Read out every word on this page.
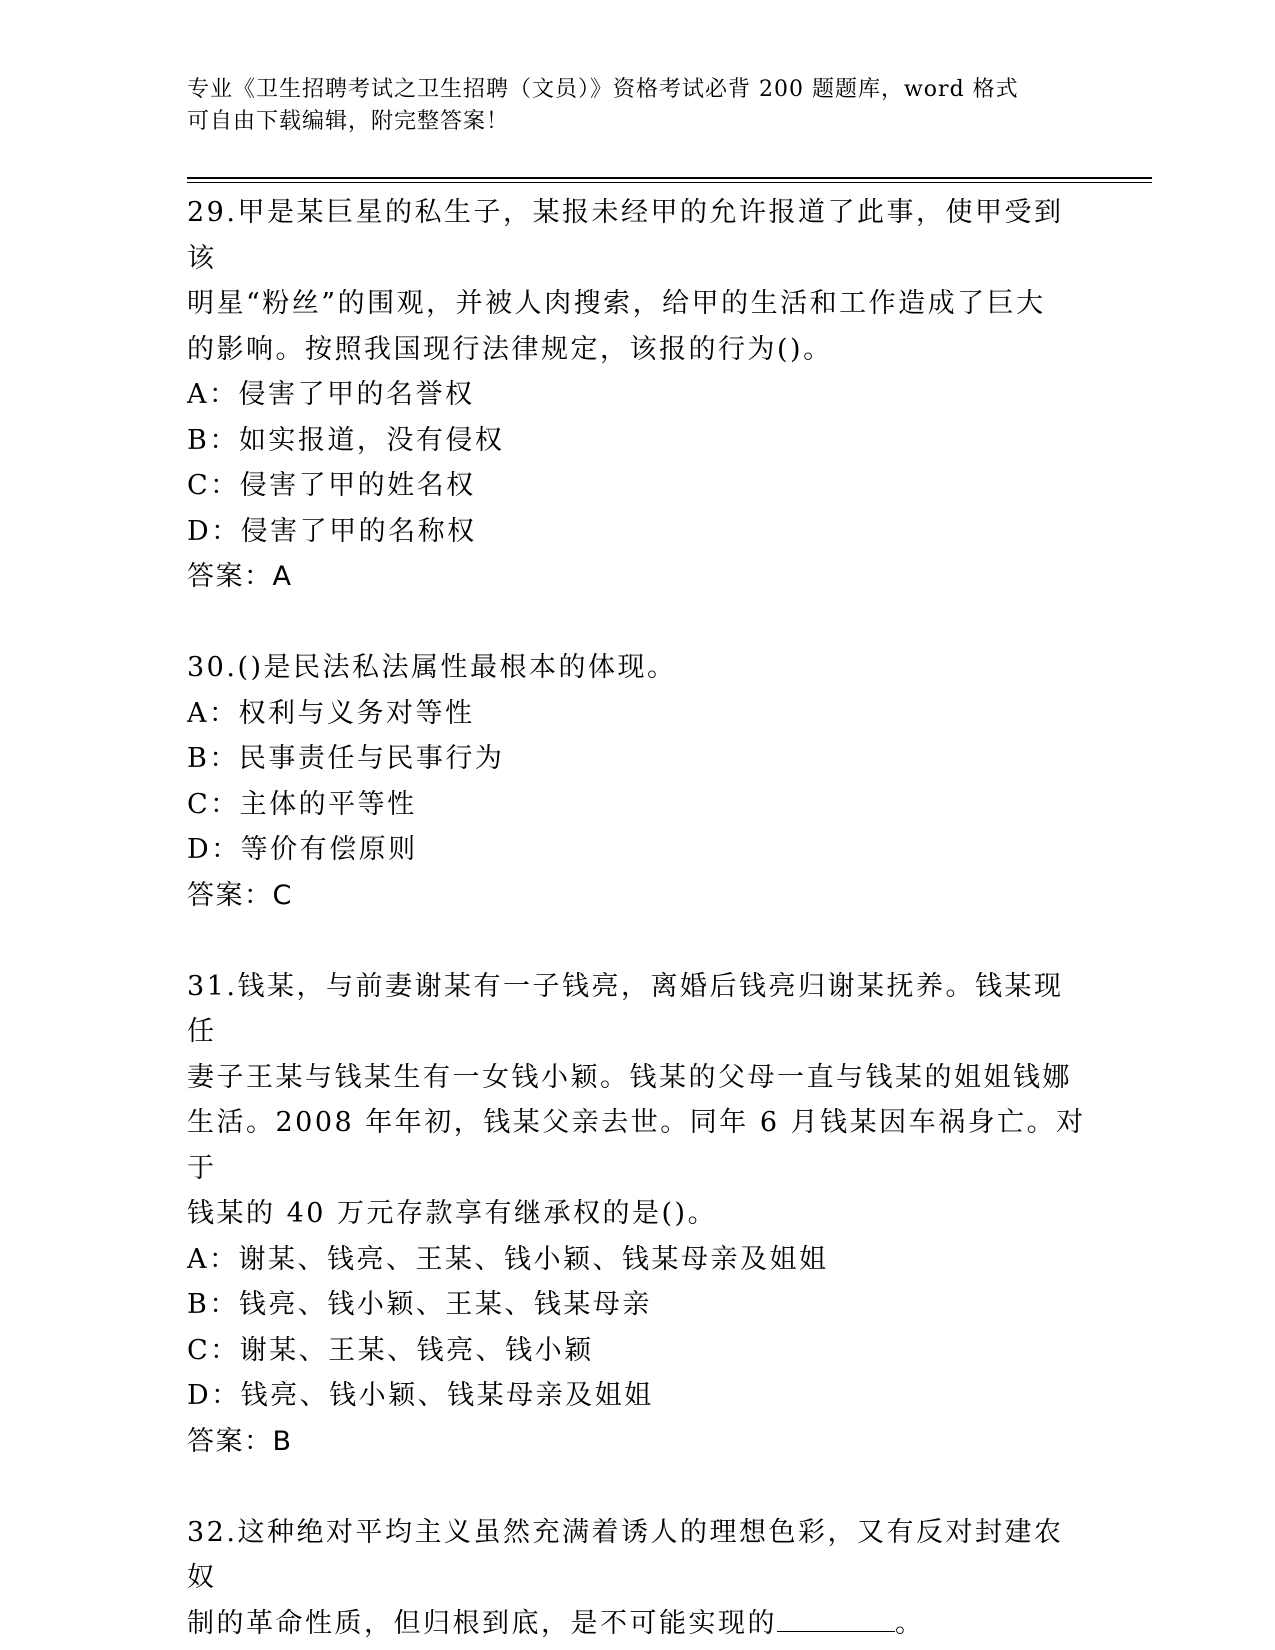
专业《卫生招聘考试之卫生招聘（文员）》资格考试必背 200 题题库，word 格式
可自由下载编辑，附完整答案！
29.甲是某巨星的私生子，某报未经甲的允许报道了此事，使甲受到该
明星“粉丝”的围观，并被人肉搜索，给甲的生活和工作造成了巨大
的影响。按照我国现行法律规定，该报的行为()。
A：侵害了甲的名誉权
B：如实报道，没有侵权
C：侵害了甲的姓名权
D：侵害了甲的名称权
答案：A
30.()是民法私法属性最根本的体现。
A：权利与义务对等性
B：民事责任与民事行为
C：主体的平等性
D：等价有偿原则
答案：C
31.钱某，与前妻谢某有一子钱亮，离婚后钱亮归谢某抚养。钱某现任
妻子王某与钱某生有一女钱小颖。钱某的父母一直与钱某的姐姐钱娜
生活。2008 年年初，钱某父亲去世。同年 6 月钱某因车祸身亡。对于
钱某的 40 万元存款享有继承权的是()。
A：谢某、钱亮、王某、钱小颖、钱某母亲及姐姐
B：钱亮、钱小颖、王某、钱某母亲
C：谢某、王某、钱亮、钱小颖
D：钱亮、钱小颖、钱某母亲及姐姐
答案：B
32.这种绝对平均主义虽然充满着诱人的理想色彩，又有反对封建农奴
制的革命性质，但归根到底，是不可能实现的	。
